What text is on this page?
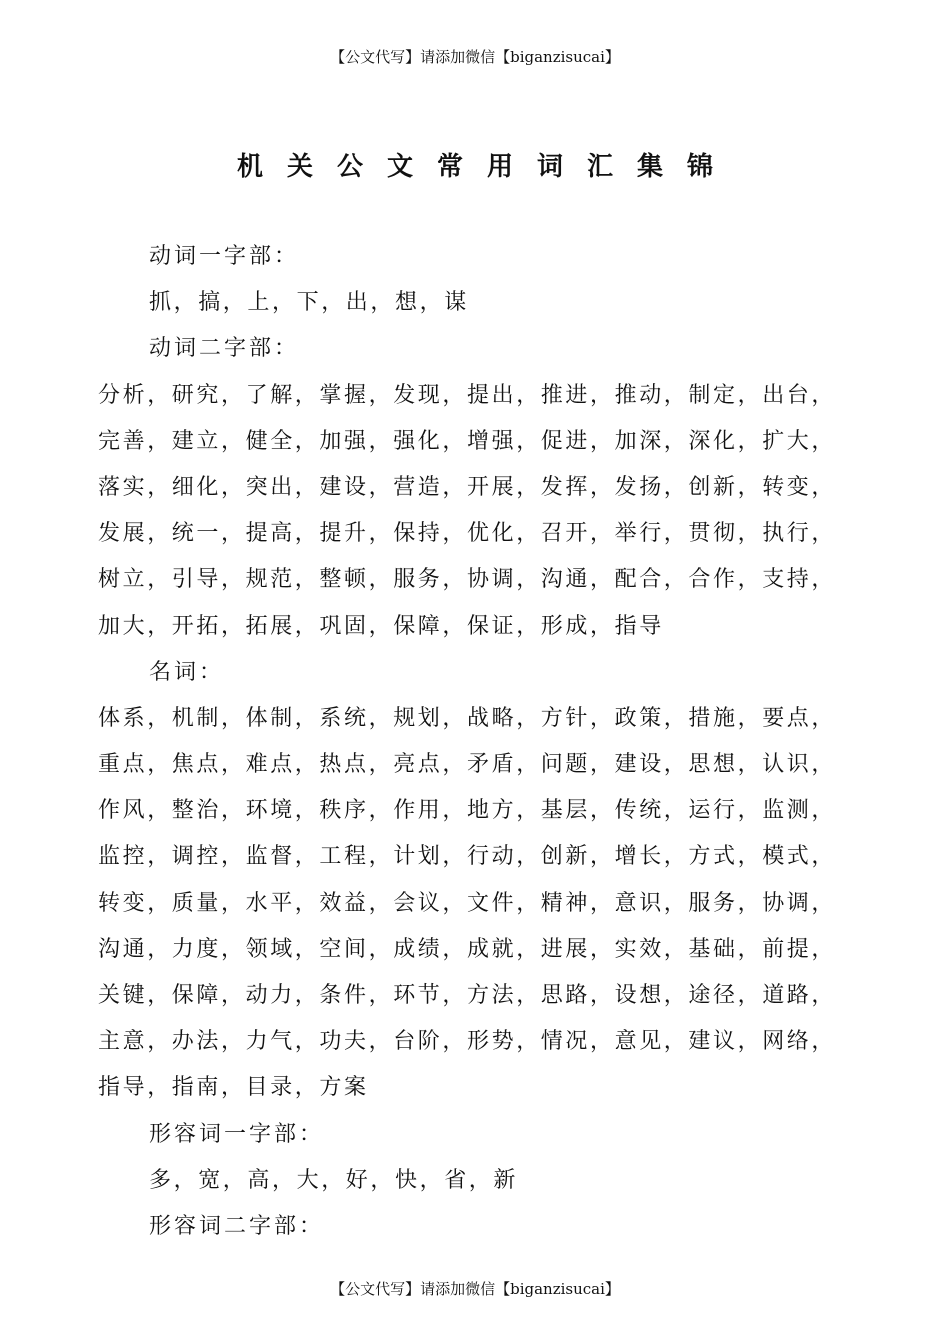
【公文代写】请添加微信【biganzisucai】
机关公文常用词汇集锦
动词一字部：
抓，搞，上，下，出，想，谋
动词二字部：
分析，研究，了解，掌握，发现，提出，推进，推动，制定，出台，
完善，建立，健全，加强，强化，增强，促进，加深，深化，扩大，
落实，细化，突出，建设，营造，开展，发挥，发扬，创新，转变，
发展，统一，提高，提升，保持，优化，召开，举行，贯彻，执行，
树立，引导，规范，整顿，服务，协调，沟通，配合，合作，支持，
加大，开拓，拓展，巩固，保障，保证，形成，指导
名词：
体系，机制，体制，系统，规划，战略，方针，政策，措施，要点，
重点，焦点，难点，热点，亮点，矛盾，问题，建设，思想，认识，
作风，整治，环境，秩序，作用，地方，基层，传统，运行，监测，
监控，调控，监督，工程，计划，行动，创新，增长，方式，模式，
转变，质量，水平，效益，会议，文件，精神，意识，服务，协调，
沟通，力度，领域，空间，成绩，成就，进展，实效，基础，前提，
关键，保障，动力，条件，环节，方法，思路，设想，途径，道路，
主意，办法，力气，功夫，台阶，形势，情况，意见，建议，网络，
指导，指南，目录，方案
形容词一字部：
多，宽，高，大，好，快，省，新
形容词二字部：
【公文代写】请添加微信【biganzisucai】
